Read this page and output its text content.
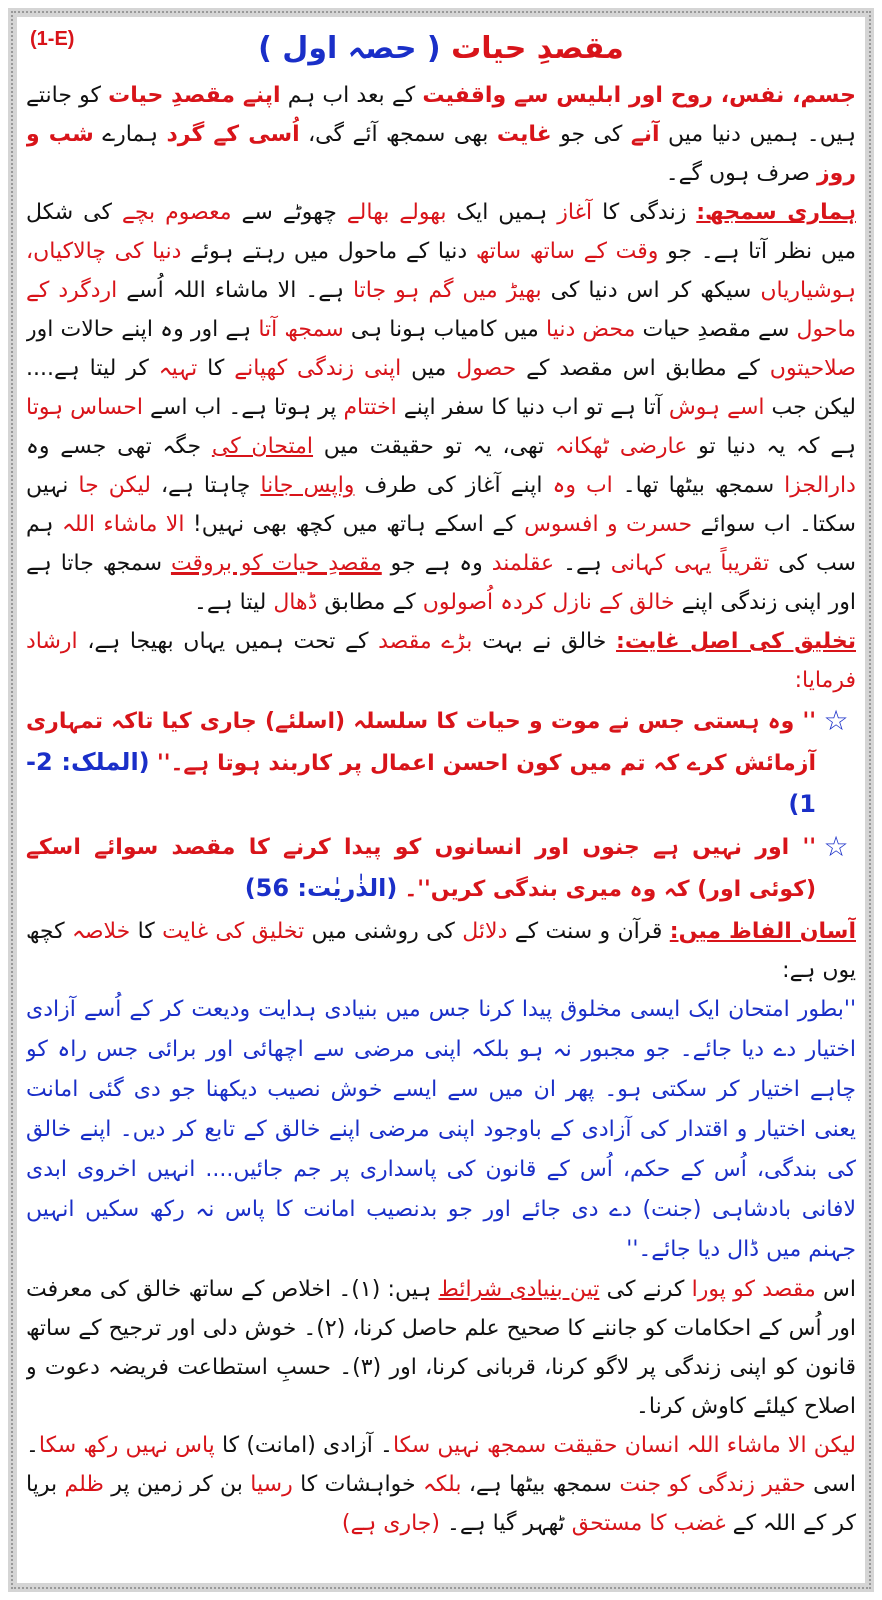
(1-E)	مقصدِ حیات ( حصہ اول )

جسم، نفس، روح اور ابلیس سے واقفیت کے بعد اب ہم اپنے مقصدِ حیات کو جانتے ہیں۔ ہمیں دنیا میں آنے کی جو غایت بھی سمجھ آئے گی، اُسی کے گرد ہمارے شب و روز صرف ہوں گے۔

ہماری سمجھ: زندگی کا آغاز ہمیں ایک بھولے بھالے چھوٹے سے معصوم بچے کی شکل میں نظر آتا ہے۔ جو وقت کے ساتھ ساتھ دنیا کے ماحول میں رہتے ہوئے دنیا کی چالاکیاں، ہوشیاریاں سیکھ کر اس دنیا کی بھیڑ میں گم ہو جاتا ہے۔ الا ماشاء اللہ اُسے اردگرد کے ماحول سے مقصدِ حیات محض دنیا میں کامیاب ہونا ہی سمجھ آتا ہے اور وہ اپنے حالات اور صلاحیتوں کے مطابق اس مقصد کے حصول میں اپنی زندگی کھپانے کا تہیہ کر لیتا ہے.... لیکن جب اسے ہوش آتا ہے تو اب دنیا کا سفر اپنے اختتام پر ہوتا ہے۔ اب اسے احساس ہوتا ہے کہ یہ دنیا تو عارضی ٹھکانہ تھی، یہ تو حقیقت میں امتحان کی جگہ تھی جسے وہ دارالجزا سمجھ بیٹھا تھا۔ اب وہ اپنے آغاز کی طرف واپس جانا چاہتا ہے، لیکن جا نہیں سکتا۔ اب سوائے حسرت و افسوس کے اسکے ہاتھ میں کچھ بھی نہیں! الا ماشاء اللہ ہم سب کی تقریباً یہی کہانی ہے۔ عقلمند وہ ہے جو مقصدِ حیات کو بروقت سمجھ جاتا ہے اور اپنی زندگی اپنے خالق کے نازل کردہ اُصولوں کے مطابق ڈھال لیتا ہے۔

تخلیق کی اصل غایت: خالق نے بہت بڑے مقصد کے تحت ہمیں یہاں بھیجا ہے، ارشاد فرمایا:

☆
'' وہ ہستی جس نے موت و حیات کا سلسلہ (اسلئے) جاری کیا تاکہ تمہاری آزمائش کرے کہ تم میں کون احسن اعمال پر کاربند ہوتا ہے۔'' (الملک: 2-1)
☆
'' اور نہیں ہے جنوں اور انسانوں کو پیدا کرنے کا مقصد سوائے اسکے (کوئی اور) کہ وہ میری بندگی کریں''۔ (الذٰریٰت: 56)

آسان الفاظ میں: قرآن و سنت کے دلائل کی روشنی میں تخلیق کی غایت کا خلاصہ کچھ یوں ہے:

''بطور امتحان ایک ایسی مخلوق پیدا کرنا جس میں بنیادی ہدایت ودیعت کر کے اُسے آزادی اختیار دے دیا جائے۔ جو مجبور نہ ہو بلکہ اپنی مرضی سے اچھائی اور برائی جس راہ کو چاہے اختیار کر سکتی ہو۔ پھر ان میں سے ایسے خوش نصیب دیکھنا جو دی گئی امانت یعنی اختیار و اقتدار کی آزادی کے باوجود اپنی مرضی اپنے خالق کے تابع کر دیں۔ اپنے خالق کی بندگی، اُس کے حکم، اُس کے قانون کی پاسداری پر جم جائیں.... انہیں اخروی ابدی لافانی بادشاہی (جنت) دے دی جائے اور جو بدنصیب امانت کا پاس نہ رکھ سکیں انہیں جہنم میں ڈال دیا جائے۔''

اس مقصد کو پورا کرنے کی تین بنیادی شرائط ہیں: (۱)۔ اخلاص کے ساتھ خالق کی معرفت اور اُس کے احکامات کو جاننے کا صحیح علم حاصل کرنا، (۲)۔ خوش دلی اور ترجیح کے ساتھ قانون کو اپنی زندگی پر لاگو کرنا، قربانی کرنا، اور (۳)۔ حسبِ استطاعت فریضہ دعوت و اصلاح کیلئے کاوش کرنا۔

لیکن الا ماشاء اللہ انسان حقیقت سمجھ نہیں سکا۔ آزادی (امانت) کا پاس نہیں رکھ سکا۔ اسی حقیر زندگی کو جنت سمجھ بیٹھا ہے، بلکہ خواہشات کا رسیا بن کر زمین پر ظلم برپا کر کے اللہ کے غضب کا مستحق ٹھہر گیا ہے۔ (جاری ہے)
